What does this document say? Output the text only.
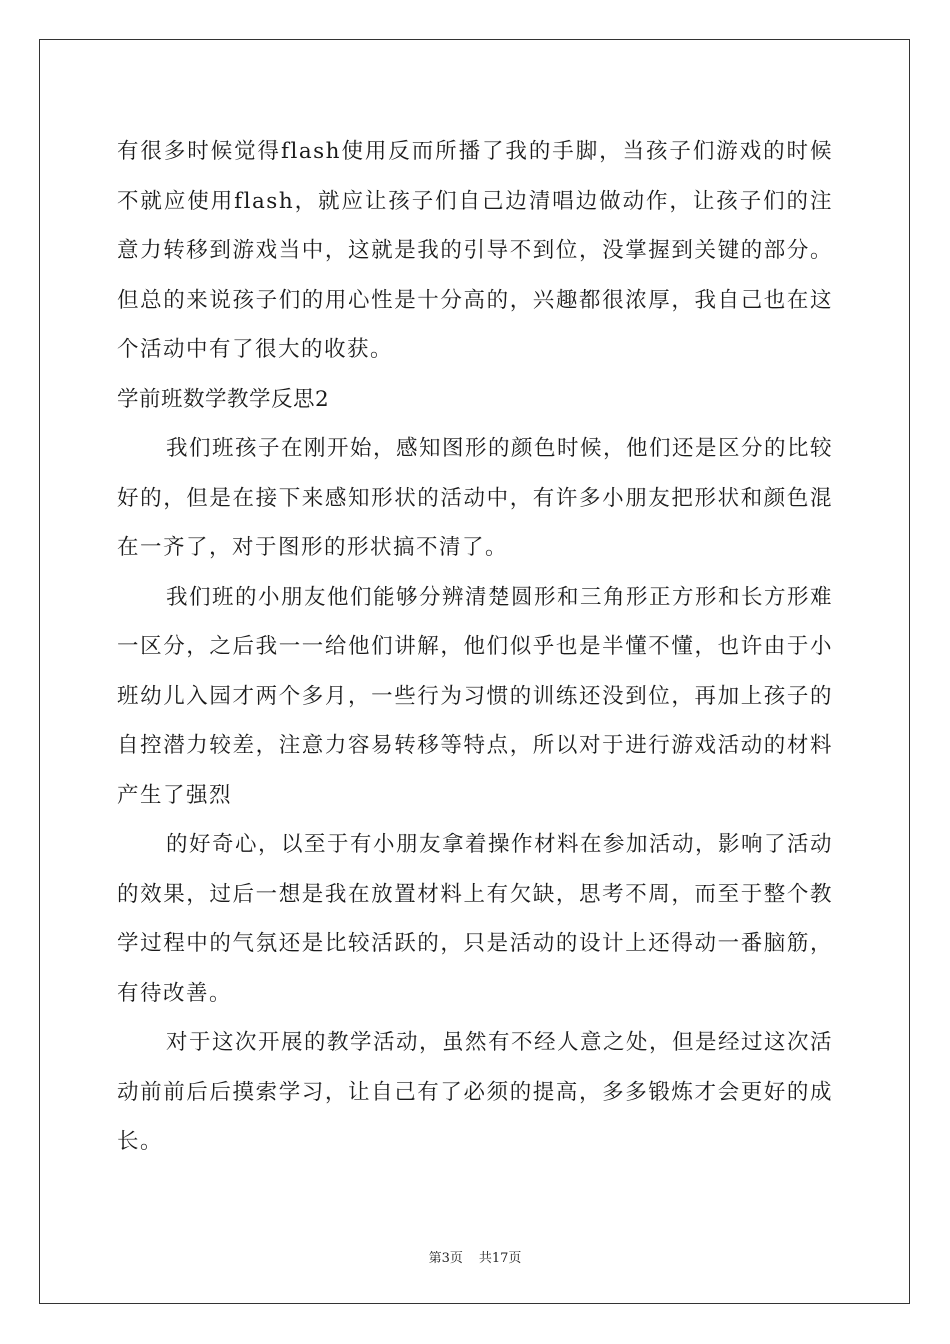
有很多时候觉得flash使用反而所播了我的手脚，当孩子们游戏的时候不就应使用flash，就应让孩子们自己边清唱边做动作，让孩子们的注意力转移到游戏当中，这就是我的引导不到位，没掌握到关键的部分。但总的来说孩子们的用心性是十分高的，兴趣都很浓厚，我自己也在这个活动中有了很大的收获。

学前班数学教学反思2

我们班孩子在刚开始，感知图形的颜色时候，他们还是区分的比较好的，但是在接下来感知形状的活动中，有许多小朋友把形状和颜色混在一齐了，对于图形的形状搞不清了。

我们班的小朋友他们能够分辨清楚圆形和三角形正方形和长方形难一区分，之后我一一给他们讲解，他们似乎也是半懂不懂，也许由于小班幼儿入园才两个多月，一些行为习惯的训练还没到位，再加上孩子的自控潜力较差，注意力容易转移等特点，所以对于进行游戏活动的材料产生了强烈

的好奇心，以至于有小朋友拿着操作材料在参加活动，影响了活动的效果，过后一想是我在放置材料上有欠缺，思考不周，而至于整个教学过程中的气氛还是比较活跃的，只是活动的设计上还得动一番脑筋，有待改善。

对于这次开展的教学活动，虽然有不经人意之处，但是经过这次活动前前后后摸索学习，让自己有了必须的提高，多多锻炼才会更好的成长。

第3页 共17页
